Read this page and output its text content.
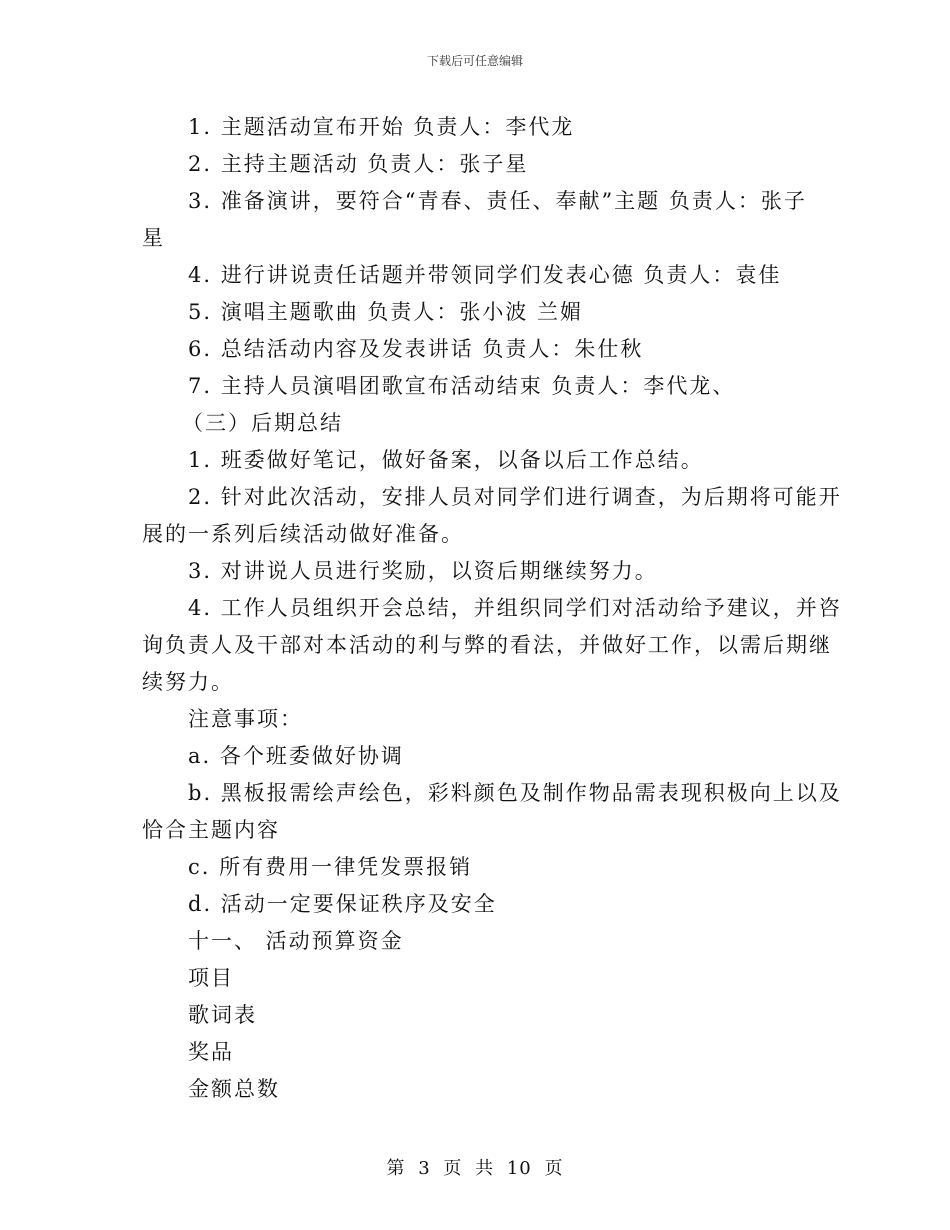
下载后可任意编辑
1. 主题活动宣布开始 负责人：李代龙
2. 主持主题活动 负责人：张子星
3. 准备演讲，要符合“青春、责任、奉献”主题 负责人：张子
星
4. 进行讲说责任话题并带领同学们发表心德 负责人：袁佳
5. 演唱主题歌曲 负责人：张小波 兰媚
6. 总结活动内容及发表讲话 负责人：朱仕秋
7. 主持人员演唱团歌宣布活动结束 负责人：李代龙、
（三）后期总结
1. 班委做好笔记，做好备案，以备以后工作总结。
2. 针对此次活动，安排人员对同学们进行调查，为后期将可能开
展的一系列后续活动做好准备。
3. 对讲说人员进行奖励，以资后期继续努力。
4. 工作人员组织开会总结，并组织同学们对活动给予建议，并咨
询负责人及干部对本活动的利与弊的看法，并做好工作，以需后期继
续努力。
注意事项：
a. 各个班委做好协调
b. 黑板报需绘声绘色，彩料颜色及制作物品需表现积极向上以及
恰合主题内容
c. 所有费用一律凭发票报销
d. 活动一定要保证秩序及安全
十一、 活动预算资金
项目
歌词表
奖品
金额总数
第 3 页 共 10 页
